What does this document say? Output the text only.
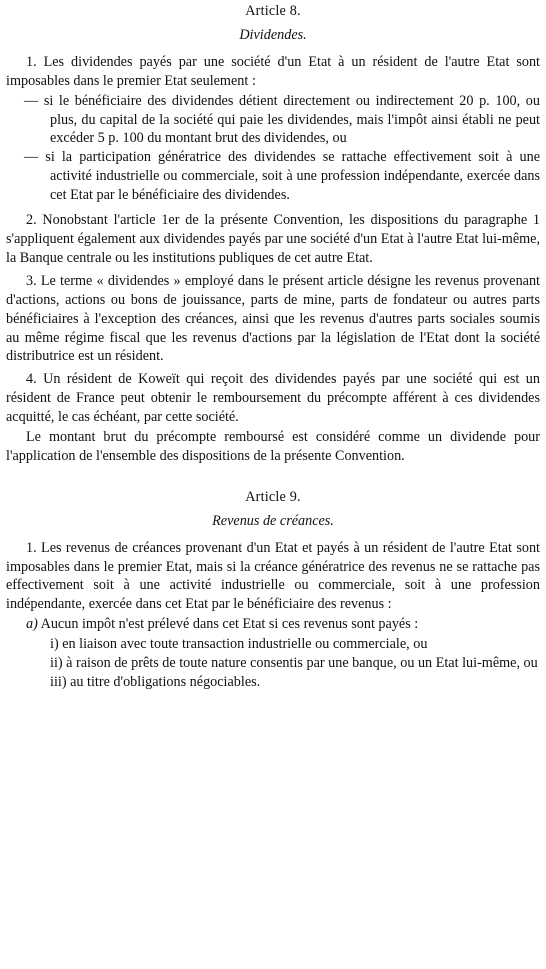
Article 8.
Dividendes.

1. Les dividendes payés par une société d'un Etat à un résident de l'autre Etat sont imposables dans le premier Etat seulement :

— si le bénéficiaire des dividendes détient directement ou indirectement 20 p. 100, ou plus, du capital de la société qui paie les dividendes, mais l'impôt ainsi établi ne peut excéder 5 p. 100 du montant brut des dividendes, ou

— si la participation génératrice des dividendes se rattache effectivement soit à une activité industrielle ou commerciale, soit à une profession indépendante, exercée dans cet Etat par le bénéficiaire des dividendes.

2. Nonobstant l'article 1er de la présente Convention, les dispositions du paragraphe 1 s'appliquent également aux dividendes payés par une société d'un Etat à l'autre Etat lui-même, la Banque centrale ou les institutions publiques de cet autre Etat.

3. Le terme « dividendes » employé dans le présent article désigne les revenus provenant d'actions, actions ou bons de jouissance, parts de mine, parts de fondateur ou autres parts bénéficiaires à l'exception des créances, ainsi que les revenus d'autres parts sociales soumis au même régime fiscal que les revenus d'actions par la législation de l'Etat dont la société distributrice est un résident.

4. Un résident de Koweït qui reçoit des dividendes payés par une société qui est un résident de France peut obtenir le remboursement du précompte afférent à ces dividendes acquitté, le cas échéant, par cette société.

Le montant brut du précompte remboursé est considéré comme un dividende pour l'application de l'ensemble des dispositions de la présente Convention.

Article 9.
Revenus de créances.

1. Les revenus de créances provenant d'un Etat et payés à un résident de l'autre Etat sont imposables dans le premier Etat, mais si la créance génératrice des revenus ne se rattache pas effectivement soit à une activité industrielle ou commerciale, soit à une profession indépendante, exercée dans cet Etat par le bénéficiaire des revenus :

a) Aucun impôt n'est prélevé dans cet Etat si ces revenus sont payés :

i) en liaison avec toute transaction industrielle ou commerciale, ou

ii) à raison de prêts de toute nature consentis par une banque, ou un Etat lui-même, ou

iii) au titre d'obligations négociables.
